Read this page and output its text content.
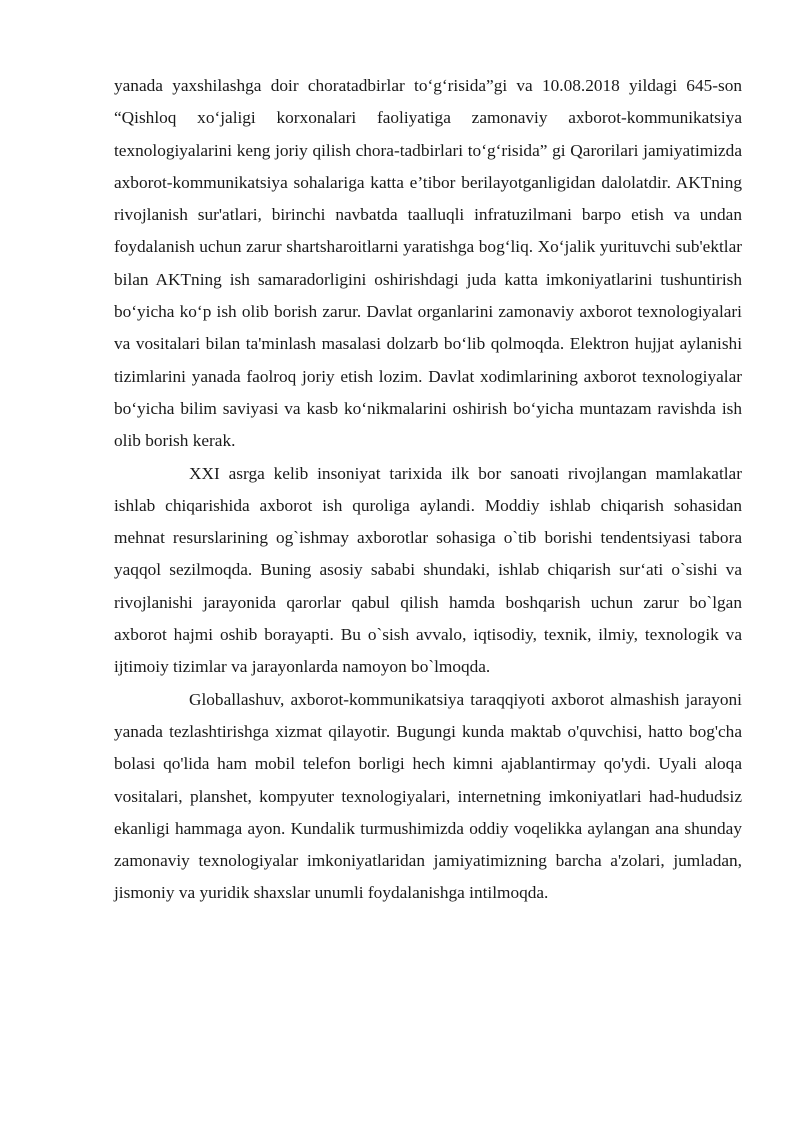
yanada yaxshilashga doir choratadbirlar to‘g‘risida”gi va 10.08.2018 yildagi 645-son “Qishloq xo‘jaligi korxonalari faoliyatiga zamonaviy axborot-kommunikatsiya texnologiyalarini keng joriy qilish chora-tadbirlari to‘g‘risida” gi Qarorilari jamiyatimizda axborot-kommunikatsiya sohalariga katta e’tibor berilayotganligidan dalolatdir. AKTning rivojlanish sur'atlari, birinchi navbatda taalluqli infratuzilmani barpo etish va undan foydalanish uchun zarur shartsharoitlarni yaratishga bog‘liq. Xo‘jalik yurituvchi sub'ektlar bilan AKTning ish samaradorligini oshirishdagi juda katta imkoniyatlarini tushuntirish bo‘yicha ko‘p ish olib borish zarur. Davlat organlarini zamonaviy axborot texnologiyalari va vositalari bilan ta'minlash masalasi dolzarb bo‘lib qolmoqda. Elektron hujjat aylanishi tizimlarini yanada faolroq joriy etish lozim. Davlat xodimlarining axborot texnologiyalar bo‘yicha bilim saviyasi va kasb ko‘nikmalarini oshirish bo‘yicha muntazam ravishda ish olib borish kerak.

XXI asrga kelib insoniyat tarixida ilk bor sanoati rivojlangan mamlakatlar ishlab chiqarishida axborot ish quroliga aylandi. Moddiy ishlab chiqarish sohasidan mehnat resurslarining og`ishmay axborotlar sohasiga o`tib borishi tendentsiyasi tabora yaqqol sezilmoqda. Buning asosiy sababi shundaki, ishlab chiqarish sur‘ati o`sishi va rivojlanishi jarayonida qarorlar qabul qilish hamda boshqarish uchun zarur bo`lgan axborot hajmi oshib borayapti. Bu o`sish avvalo, iqtisodiy, texnik, ilmiy, texnologik va ijtimoiy tizimlar va jarayonlarda namoyon bo`lmoqda.

Globallashuv, axborot-kommunikatsiya taraqqiyoti axborot almashish jarayoni yanada tezlashtirishga xizmat qilayotir. Bugungi kunda maktab o'quvchisi, hatto bog'cha bolasi qo'lida ham mobil telefon borligi hech kimni ajablantirmay qo'ydi. Uyali aloqa vositalari, planshet, kompyuter texnologiyalari, internetning imkoniyatlari had-hududsiz ekanligi hammaga ayon. Kundalik turmushimizda oddiy voqelikka aylangan ana shunday zamonaviy texnologiyalar imkoniyatlaridan jamiyatimizning barcha a'zolari, jumladan, jismoniy va yuridik shaxslar unumli foydalanishga intilmoqda.
